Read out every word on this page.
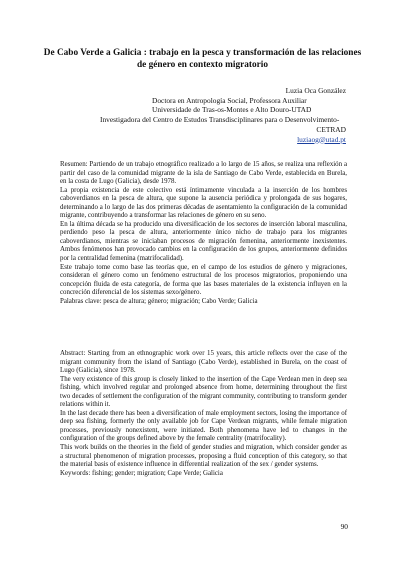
De Cabo Verde a Galicia : trabajo en la pesca y transformación de las relaciones de género en contexto migratorio
Luzia Oca González
Doctora en Antropología Social, Professora Auxiliar
Universidade de Tras-os-Montes e Alto Douro-UTAD
Investigadora del Centro de Estudos Transdisciplinares para o Desenvolvimento-
CETRAD
luziaog@utad.pt

Resumen: Partiendo de un trabajo etnográfico realizado a lo largo de 15 años, se realiza una reflexión a partir del caso de la comunidad migrante de la isla de Santiago de Cabo Verde, establecida en Burela, en la costa de Lugo (Galicia), desde 1978.

La propia existencia de este colectivo está íntimamente vinculada a la inserción de los hombres caboverdianos en la pesca de altura, que supone la ausencia periódica y prolongada de sus hogares, determinando a lo largo de las dos primeras décadas de asentamiento la configuración de la comunidad migrante, contribuyendo a transformar las relaciones de género en su seno.

En la última década se ha producido una diversificación de los sectores de inserción laboral masculina, perdiendo peso la pesca de altura, anteriormente único nicho de trabajo para los migrantes caboverdianos, mientras se iniciaban procesos de migración femenina, anteriormente inexistentes. Ambos fenómenos han provocado cambios en la configuración de los grupos, anteriormente definidos por la centralidad femenina (matrifocalidad).

Este trabajo tome como base las teorías que, en el campo de los estudios de género y migraciones, consideran el género como un fenómeno estructural de los procesos migratorios, proponiendo una concepción fluida de esta categoría, de forma que las bases materiales de la existencia influyen en la concreción diferencial de los sistemas sexo/género.

Palabras clave: pesca de altura; género; migración; Cabo Verde; Galicia

Abstract: Starting from an ethnographic work over 15 years, this article reflects over the case of the migrant community from the island of Santiago (Cabo Verde), established in Burela, on the coast of Lugo (Galicia), since 1978.

The very existence of this group is closely linked to the insertion of the Cape Verdean men in deep sea fishing, which involved regular and prolonged absence from home, determining throughout the first two decades of settlement the configuration of the migrant community, contributing to transform gender relations within it.

In the last decade there has been a diversification of male employment sectors, losing the importance of deep sea fishing, formerly the only available job for Cape Verdean migrants, while female migration processes, previously nonexistent, were initiated. Both phenomena have led to changes in the configuration of the groups defined above by the female centrality (matrifocality).

This work builds on the theories in the field of gender studies and migration, which consider gender as a structural phenomenon of migration processes, proposing a fluid conception of this category, so that the material basis of existence influence in differential realization of the sex / gender systems.

Keywords: fishing; gender; migration; Cape Verde; Galicia

90
